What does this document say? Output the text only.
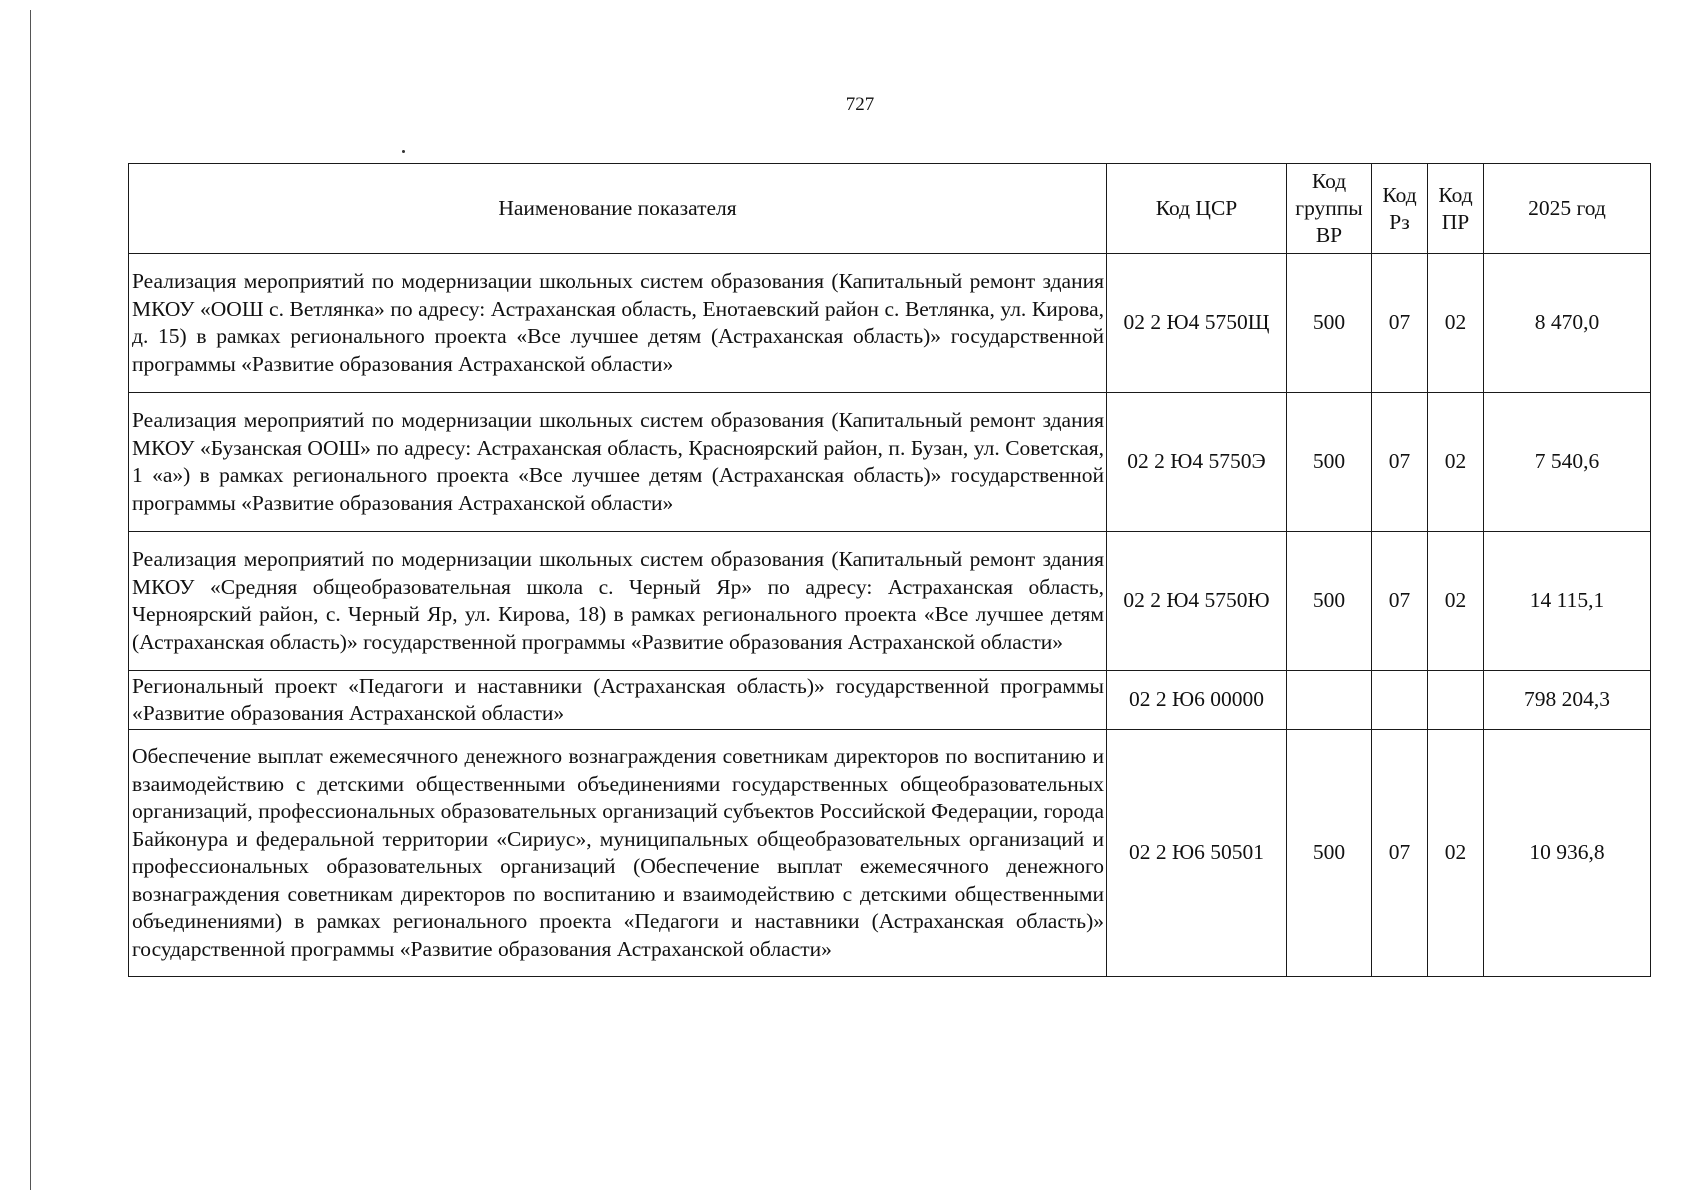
727
Наименование показателя	Код ЦСР	Код группы ВР	Код Рз	Код ПР	2025 год
Реализация мероприятий по модернизации школьных систем образования (Капитальный ремонт здания МКОУ «ООШ с. Ветлянка» по адресу: Астраханская область, Енотаевский район с. Ветлянка, ул. Кирова, д. 15) в рамках регионального проекта «Все лучшее детям (Астраханская область)» государственной программы «Развитие образования Астраханской области»	02 2 Ю4 5750Щ	500	07	02	8 470,0
Реализация мероприятий по модернизации школьных систем образования (Капитальный ремонт здания МКОУ «Бузанская ООШ» по адресу: Астраханская область, Красноярский район, п. Бузан, ул. Советская, 1 «а») в рамках регионального проекта «Все лучшее детям (Астраханская область)» государственной программы «Развитие образования Астраханской области»	02 2 Ю4 5750Э	500	07	02	7 540,6
Реализация мероприятий по модернизации школьных систем образования (Капитальный ремонт здания МКОУ «Средняя общеобразовательная школа с. Черный Яр» по адресу: Астраханская область, Черноярский район, с. Черный Яр, ул. Кирова, 18) в рамках регионального проекта «Все лучшее детям (Астраханская область)» государственной программы «Развитие образования Астраханской области»	02 2 Ю4 5750Ю	500	07	02	14 115,1
Региональный проект «Педагоги и наставники (Астраханская область)» государственной программы «Развитие образования Астраханской области»	02 2 Ю6 00000				798 204,3
Обеспечение выплат ежемесячного денежного вознаграждения советникам директоров по воспитанию и взаимодействию с детскими общественными объединениями государственных общеобразовательных организаций, профессиональных образовательных организаций субъектов Российской Федерации, города Байконура и федеральной территории «Сириус», муниципальных общеобразовательных организаций и профессиональных образовательных организаций (Обеспечение выплат ежемесячного денежного вознаграждения советникам директоров по воспитанию и взаимодействию с детскими общественными объединениями) в рамках регионального проекта «Педагоги и наставники (Астраханская область)» государственной программы «Развитие образования Астраханской области»	02 2 Ю6 50501	500	07	02	10 936,8
